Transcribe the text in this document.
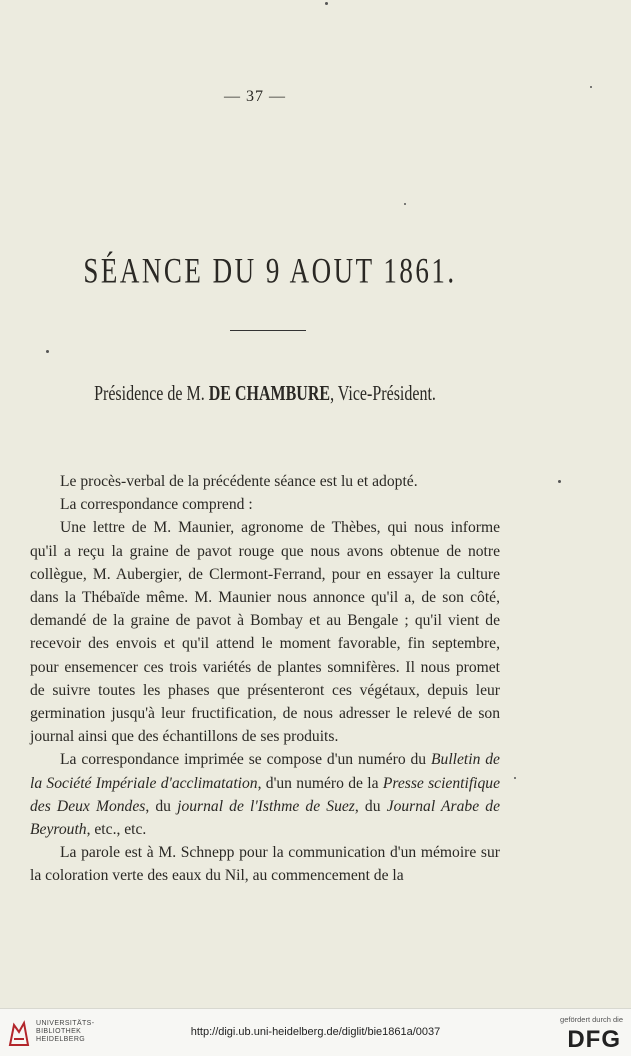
— 37 —
SÉANCE DU 9 AOUT 1861.
Présidence de M. DE CHAMBURE, Vice-Président.

Le procès-verbal de la précédente séance est lu et adopté.

La correspondance comprend :

Une lettre de M. Maunier, agronome de Thèbes, qui nous informe qu'il a reçu la graine de pavot rouge que nous avons obtenue de notre collègue, M. Aubergier, de Clermont-Ferrand, pour en essayer la culture dans la Thébaïde même. M. Maunier nous annonce qu'il a, de son côté, demandé de la graine de pavot à Bombay et au Bengale ; qu'il vient de recevoir des envois et qu'il attend le moment favorable, fin septembre, pour ensemencer ces trois variétés de plantes somnifères. Il nous promet de suivre toutes les phases que présenteront ces végétaux, depuis leur germination jusqu'à leur fructification, de nous adresser le relevé de son journal ainsi que des échantillons de ses produits.

La correspondance imprimée se compose d'un numéro du Bulletin de la Société Impériale d'acclimatation, d'un numéro de la Presse scientifique des Deux Mondes, du journal de l'Isthme de Suez, du Journal Arabe de Beyrouth, etc., etc.

La parole est à M. Schnepp pour la communication d'un mémoire sur la coloration verte des eaux du Nil, au commencement de la

UNIVERSITÄTS-
BIBLIOTHEK
HEIDELBERG
http://digi.ub.uni-heidelberg.de/diglit/bie1861a/0037
gefördert durch die
DFG
